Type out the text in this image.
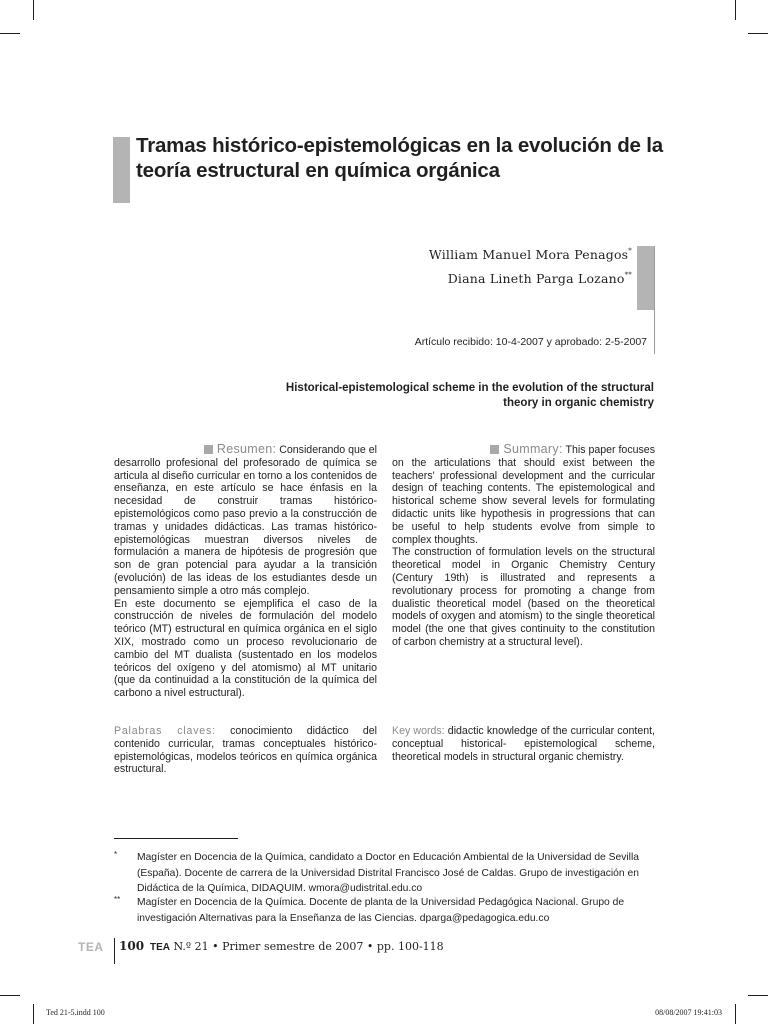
Tramas histórico-epistemológicas en la evolución de la teoría estructural en química orgánica
William Manuel Mora Penagos*
Diana Lineth Parga Lozano**
Artículo recibido: 10-4-2007 y aprobado: 2-5-2007
Historical-epistemological scheme in the evolution of the structural theory in organic chemistry

Resumen: Considerando que el

desarrollo profesional del profesorado de química se articula al diseño curricular en torno a los contenidos de enseñanza, en este artículo se hace énfasis en la necesidad de construir tramas histórico-epistemológicos como paso previo a la construcción de tramas y unidades didácticas. Las tramas histórico-epistemológicas muestran diversos niveles de formulación a manera de hipótesis de progresión que son de gran potencial para ayudar a la transición (evolución) de las ideas de los estudiantes desde un pensamiento simple a otro más complejo.

En este documento se ejemplifica el caso de la construcción de niveles de formulación del modelo teórico (MT) estructural en química orgánica en el siglo XIX, mostrado como un proceso revolucionario de cambio del MT dualista (sustentado en los modelos teóricos del oxígeno y del atomismo) al MT unitario (que da continuidad a la constitución de la química del carbono a nivel estructural).

Summary: This paper focuses

on the articulations that should exist between the teachers' professional development and the curricular design of teaching contents. The epistemological and historical scheme show several levels for formulating didactic units like hypothesis in progressions that can be useful to help students evolve from simple to complex thoughts.

The construction of formulation levels on the structural theoretical model in Organic Chemistry Century (Century 19th) is illustrated and represents a revolutionary process for promoting a change from dualistic theoretical model (based on the theoretical models of oxygen and atomism) to the single theoretical model (the one that gives continuity to the constitution of carbon chemistry at a structural level).

Palabras claves: conocimiento didáctico del contenido curricular, tramas conceptuales histórico-epistemológicas, modelos teóricos en química orgánica estructural.
Key words: didactic knowledge of the curricular content, conceptual historical- epistemological scheme, theoretical models in structural organic chemistry.
* Magíster en Docencia de la Química, candidato a Doctor en Educación Ambiental de la Universidad de Sevilla (España). Docente de carrera de la Universidad Distrital Francisco José de Caldas. Grupo de investigación en Didáctica de la Química, DIDAQUIM. wmora@udistrital.edu.co
** Magíster en Docencia de la Química. Docente de planta de la Universidad Pedagógica Nacional. Grupo de investigación Alternativas para la Enseñanza de las Ciencias. dparga@pedagogica.edu.co
TEA 100 TEA N.º 21 • Primer semestre de 2007 • pp. 100-118
Ted 21-5.indd 100	08/08/2007 19:41:03
